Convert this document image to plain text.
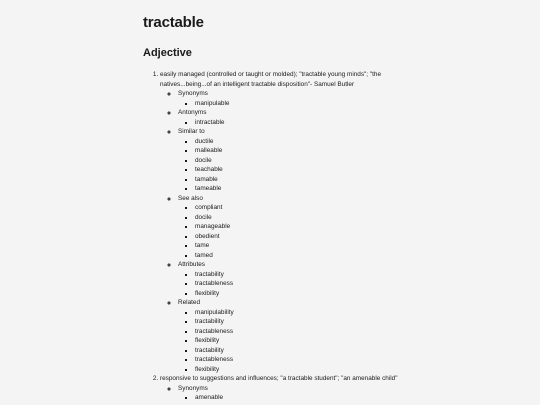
tractable
Adjective
1. easily managed (controlled or taught or molded); "tractable young minds"; "the natives...being...of an intelligent tractable disposition"- Samuel Butler
◦ Synonyms
▪ manipulable
◦ Antonyms
▪ intractable
◦ Similar to
▪ ductile
▪ malleable
▪ docile
▪ teachable
▪ tamable
▪ tameable
◦ See also
▪ compliant
▪ docile
▪ manageable
▪ obedient
▪ tame
▪ tamed
◦ Attributes
▪ tractability
▪ tractableness
▪ flexibility
◦ Related
▪ manipulability
▪ tractability
▪ tractableness
▪ flexibility
▪ tractability
▪ tractableness
▪ flexibility
2. responsive to suggestions and influences; "a tractable student"; "an amenable child"
◦ Synonyms
▪ amenable
